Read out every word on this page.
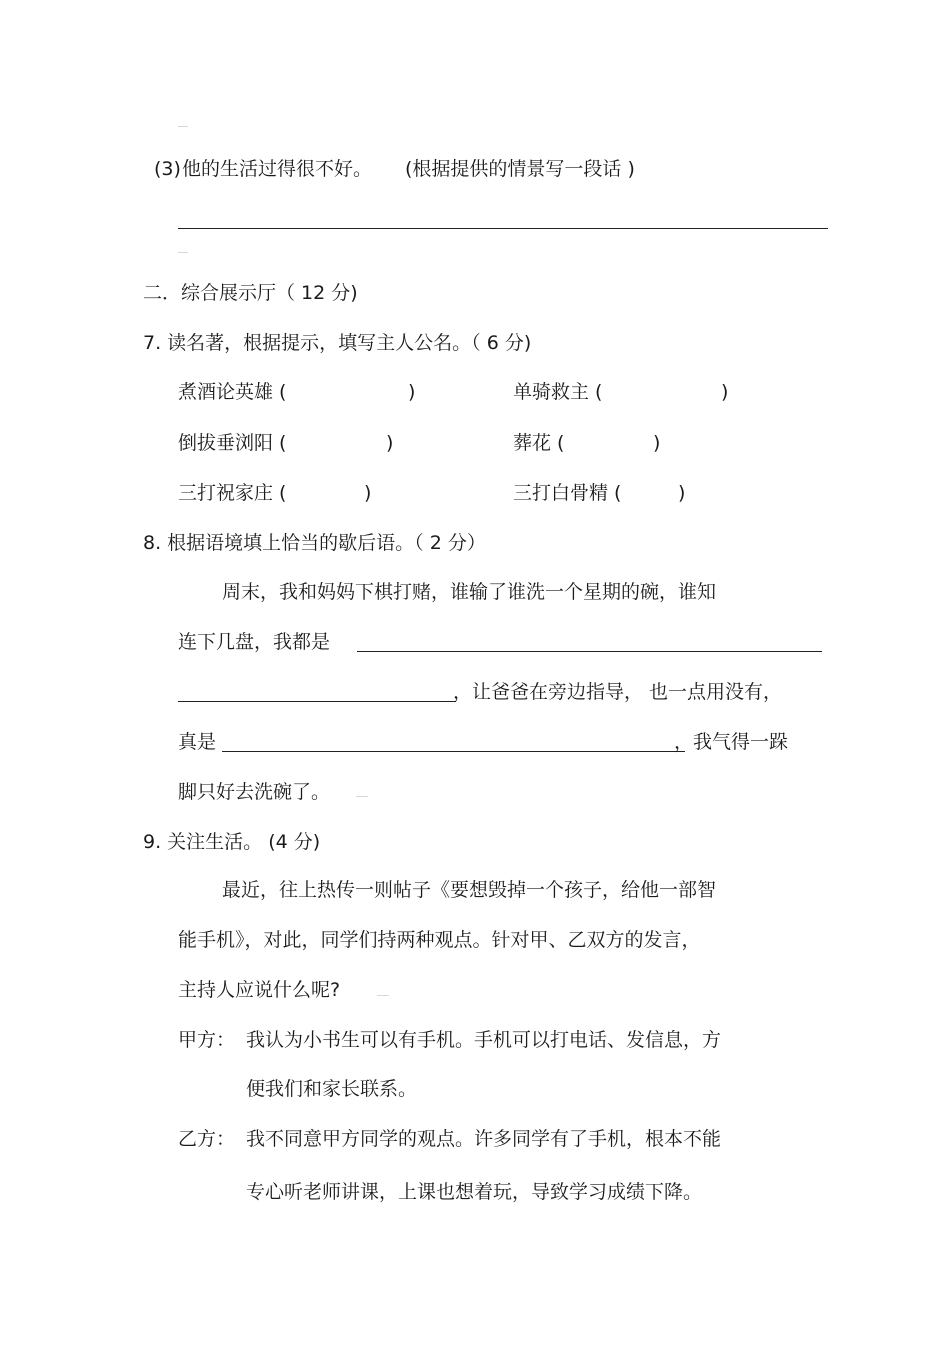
(3) 他的生活过得很不好。 (根据提供的情景写一段话 )
二．综合展示厅（ 12 分)
7. 读名著，根据提示，填写主人公名。（ 6 分)
煮酒论英雄 (	)	单骑救主 (	)
倒拔垂浏阳 (	)	葬花 (	)
三打祝家庄 (	)	三打白骨精 (	)
8. 根据语境填上恰当的歇后语。（ 2 分）
周末，我和妈妈下棋打赌，谁输了谁洗一个星期的碗，谁知
连下几盘，我都是
，让爸爸在旁边指导， 也一点用没有，
真是	，我气得一跺
脚只好去洗碗了。
9. 关注生活。 (4 分)
最近，往上热传一则帖子《要想毁掉一个孩子，给他一部智
能手机》，对此，同学们持两种观点。针对甲、乙双方的发言，
主持人应说什么呢?
甲方： 我认为小书生可以有手机。手机可以打电话、发信息，方
便我们和家长联系。
乙方： 我不同意甲方同学的观点。许多同学有了手机，根本不能
专心听老师讲课，上课也想着玩，导致学习成绩下降。
